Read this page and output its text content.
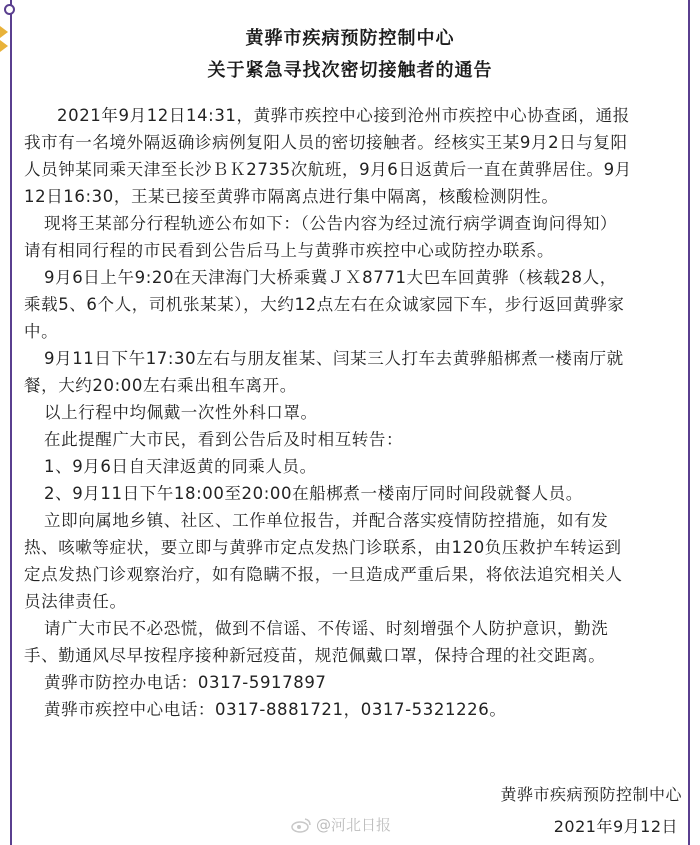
黄骅市疾病预防控制中心
关于紧急寻找次密切接触者的通告
2021年9月12日14:31，黄骅市疾控中心接到沧州市疾控中心协查函，通报
我市有一名境外隔返确诊病例复阳人员的密切接触者。经核实王某9月2日与复阳
人员钟某同乘天津至长沙ＢＫ2735次航班，9月6日返黄后一直在黄骅居住。9月
12日16:30，王某已接至黄骅市隔离点进行集中隔离，核酸检测阴性。
现将王某部分行程轨迹公布如下：（公告内容为经过流行病学调查询问得知）
请有相同行程的市民看到公告后马上与黄骅市疾控中心或防控办联系。
9月6日上午9:20在天津海门大桥乘冀ＪＸ8771大巴车回黄骅（核载28人，
乘载5、6个人，司机张某某），大约12点左右在众诚家园下车，步行返回黄骅家
中。
9月11日下午17:30左右与朋友崔某、闫某三人打车去黄骅船梆煮一楼南厅就
餐，大约20:00左右乘出租车离开。
以上行程中均佩戴一次性外科口罩。
在此提醒广大市民，看到公告后及时相互转告：
1、9月6日自天津返黄的同乘人员。
2、9月11日下午18:00至20:00在船梆煮一楼南厅同时间段就餐人员。
立即向属地乡镇、社区、工作单位报告，并配合落实疫情防控措施，如有发
热、咳嗽等症状，要立即与黄骅市定点发热门诊联系，由120负压救护车转运到
定点发热门诊观察治疗，如有隐瞒不报，一旦造成严重后果，将依法追究相关人
员法律责任。
请广大市民不必恐慌，做到不信谣、不传谣、时刻增强个人防护意识，勤洗
手、勤通风尽早按程序接种新冠疫苗，规范佩戴口罩，保持合理的社交距离。
黄骅市防控办电话：0317-5917897
黄骅市疾控中心电话：0317-8881721，0317-5321226。
黄骅市疾病预防控制中心
2021年9月12日
@河北日报
